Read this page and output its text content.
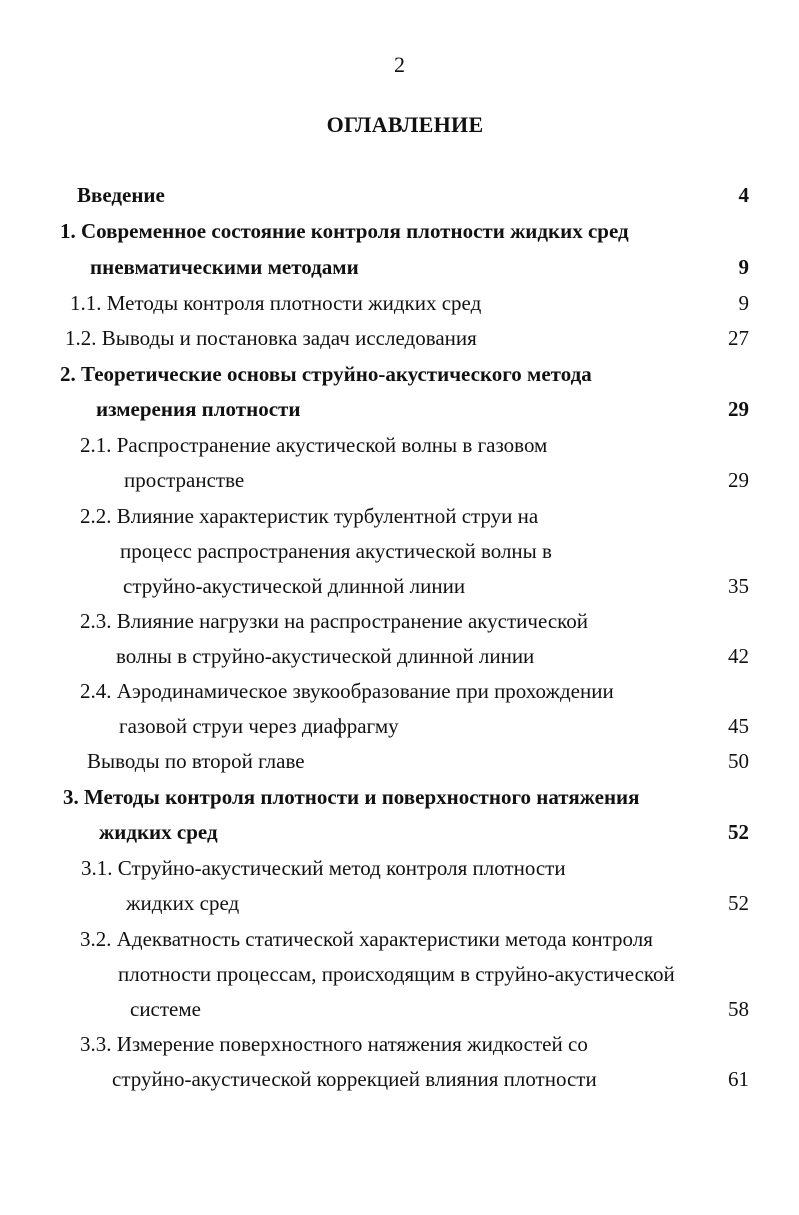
2
ОГЛАВЛЕНИЕ
Введение	4
1. Современное состояние контроля плотности жидких сред
пневматическими методами	9
1.1. Методы контроля плотности жидких сред	9
1.2. Выводы и постановка задач исследования	27
2. Теоретические основы струйно-акустического метода
измерения плотности	29
2.1. Распространение акустической волны в газовом
пространстве	29
2.2. Влияние характеристик турбулентной струи на
процесс распространения акустической волны в
струйно-акустической длинной линии	35
2.3. Влияние нагрузки на распространение акустической
волны в струйно-акустической длинной линии	42
2.4. Аэродинамическое звукообразование при прохождении
газовой струи через диафрагму	45
Выводы по второй главе	50
3. Методы контроля плотности и поверхностного натяжения
жидких сред	52
3.1. Струйно-акустический метод контроля плотности
жидких сред	52
3.2. Адекватность статической характеристики метода контроля
плотности процессам, происходящим в струйно-акустической
системе	58
3.3. Измерение поверхностного натяжения жидкостей со
струйно-акустической коррекцией влияния плотности	61
